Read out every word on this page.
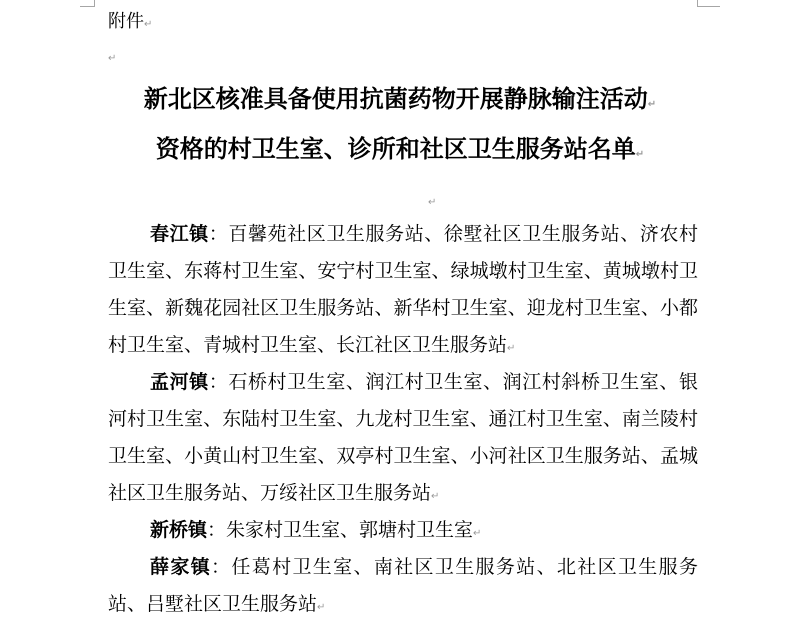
附件↵
↵
新北区核准具备使用抗菌药物开展静脉输注活动↵
资格的村卫生室、诊所和社区卫生服务站名单↵
↵
春江镇：百馨苑社区卫生服务站、徐墅社区卫生服务站、济农村卫生室、东蒋村卫生室、安宁村卫生室、绿城墩村卫生室、黄城墩村卫生室、新魏花园社区卫生服务站、新华村卫生室、迎龙村卫生室、小都村卫生室、青城村卫生室、长江社区卫生服务站↵
孟河镇：石桥村卫生室、润江村卫生室、润江村斜桥卫生室、银河村卫生室、东陆村卫生室、九龙村卫生室、通江村卫生室、南兰陵村卫生室、小黄山村卫生室、双亭村卫生室、小河社区卫生服务站、孟城社区卫生服务站、万绥社区卫生服务站↵
新桥镇：朱家村卫生室、郭塘村卫生室↵
薛家镇：任葛村卫生室、南社区卫生服务站、北社区卫生服务站、吕墅社区卫生服务站↵
